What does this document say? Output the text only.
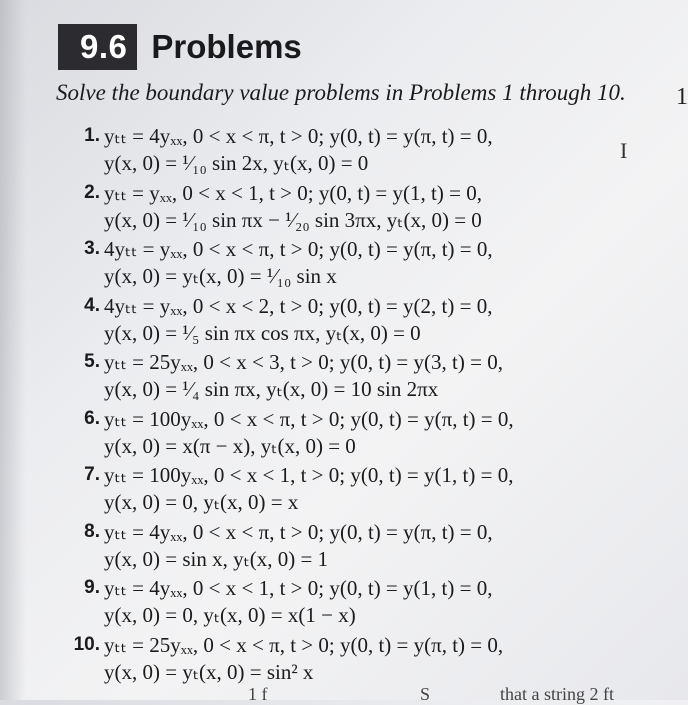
9.6 Problems
1
Solve the boundary value problems in Problems 1 through 10.
1. yₜₜ = 4yₓₓ, 0 < x < π, t > 0; y(0, t) = y(π, t) = 0,
y(x, 0) = ¹⁄₁₀ sin 2x, yₜ(x, 0) = 0
2. yₜₜ = yₓₓ, 0 < x < 1, t > 0; y(0, t) = y(1, t) = 0,
y(x, 0) = ¹⁄₁₀ sin πx − ¹⁄₂₀ sin 3πx, yₜ(x, 0) = 0
3. 4yₜₜ = yₓₓ, 0 < x < π, t > 0; y(0, t) = y(π, t) = 0,
y(x, 0) = yₜ(x, 0) = ¹⁄₁₀ sin x
4. 4yₜₜ = yₓₓ, 0 < x < 2, t > 0; y(0, t) = y(2, t) = 0,
y(x, 0) = ¹⁄₅ sin πx cos πx, yₜ(x, 0) = 0
5. yₜₜ = 25yₓₓ, 0 < x < 3, t > 0; y(0, t) = y(3, t) = 0,
y(x, 0) = ¹⁄₄ sin πx, yₜ(x, 0) = 10 sin 2πx
6. yₜₜ = 100yₓₓ, 0 < x < π, t > 0; y(0, t) = y(π, t) = 0,
y(x, 0) = x(π − x), yₜ(x, 0) = 0
7. yₜₜ = 100yₓₓ, 0 < x < 1, t > 0; y(0, t) = y(1, t) = 0,
y(x, 0) = 0, yₜ(x, 0) = x
8. yₜₜ = 4yₓₓ, 0 < x < π, t > 0; y(0, t) = y(π, t) = 0,
y(x, 0) = sin x, yₜ(x, 0) = 1
9. yₜₜ = 4yₓₓ, 0 < x < 1, t > 0; y(0, t) = y(1, t) = 0,
y(x, 0) = 0, yₜ(x, 0) = x(1 − x)
10. yₜₜ = 25yₓₓ, 0 < x < π, t > 0; y(0, t) = y(π, t) = 0,
y(x, 0) = yₜ(x, 0) = sin² x
I
1 f	S	that a string 2 ft
